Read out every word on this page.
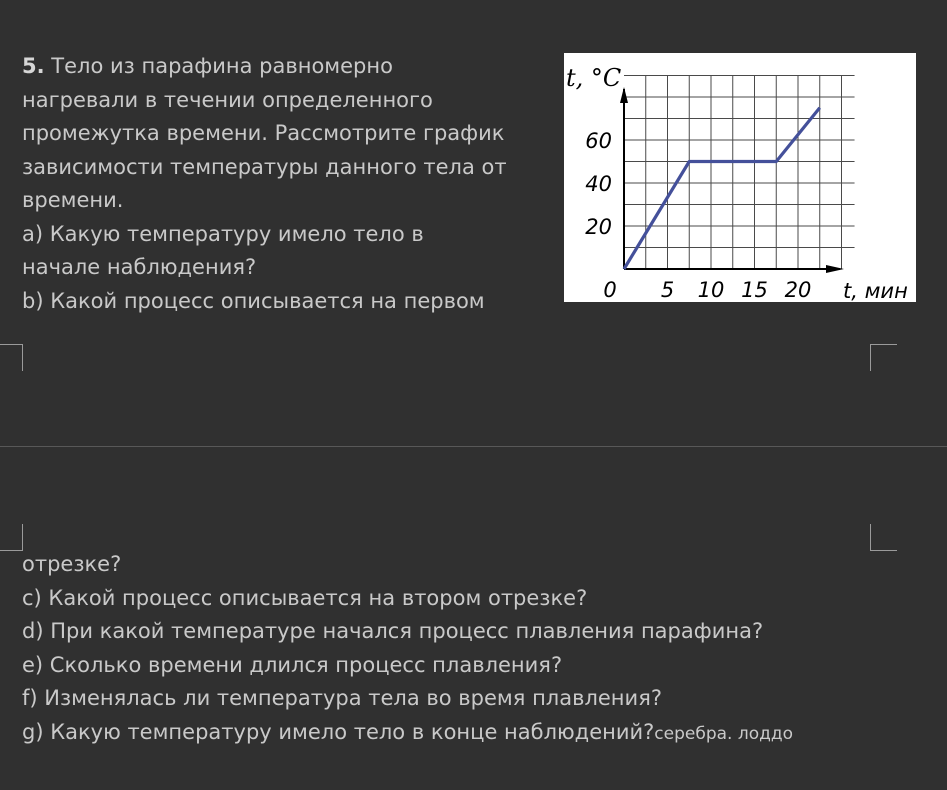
5. Тело из парафина равномерно
нагревали в течении определенного
промежутка времени. Рассмотрите график
зависимости температуры данного тела от
времени.
a) Какую температуру имело тело в
начале наблюдения?
b) Какой процесс описывается на первом	0 5 10 15 20
20
40
60
t, °C
t, мин
отрезке?
c) Какой процесс описывается на втором отрезке?
d) При какой температуре начался процесс плавления парафина?
e) Сколько времени длился процесс плавления?
f) Изменялась ли температура тела во время плавления?
g) Какую температуру имело тело в конце наблюдений?серебра. лоддо
